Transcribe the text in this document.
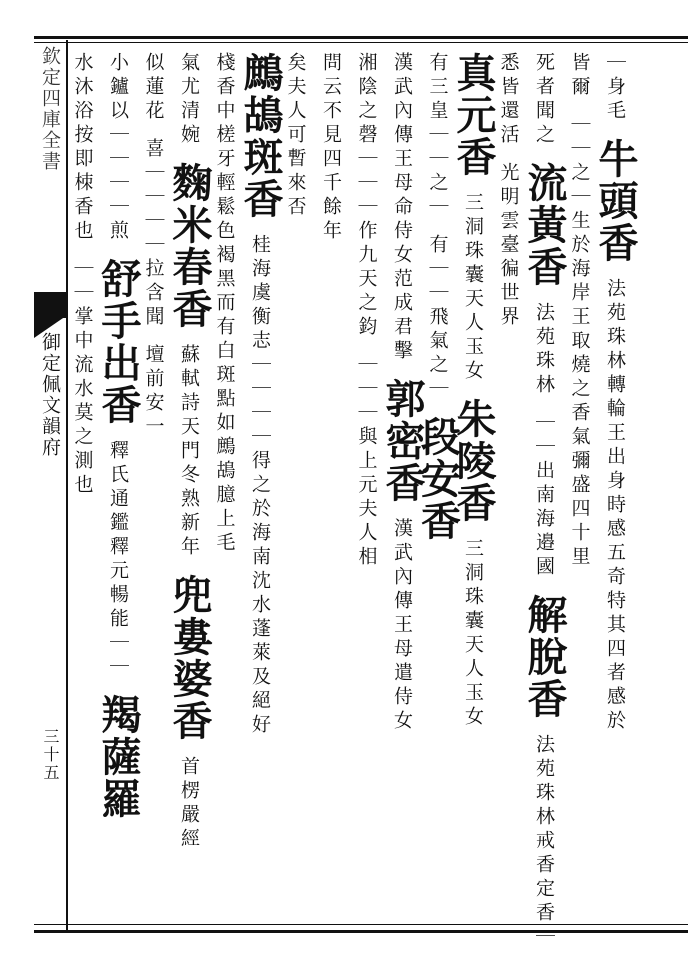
欽定四庫全書
御定佩文韻府
三十五
｜身毛牛頭香法苑珠林轉輪王出身時感五奇特其四者感於
皆爾｜｜之｜生於海岸王取燒之香氣彌盛四十里
死者聞之流黃香法苑珠林｜｜出南海邉國解脫香法苑珠林戒香定香｜
悉皆還活光明雲臺徧世界
真元香三洞珠囊天人玉女朱陵香三洞珠囊天人玉女
有三皇｜｜之｜有｜｜飛氣之｜段安香
漢武內傳王母命侍女范成君擊郭密香漢武內傳王母遣侍女
湘陰之磬｜｜｜作九天之鈞｜｜｜與上元夫人相
問云不見四千餘年
矣夫人可暫來否
鷓鴣斑香桂海虞衡志｜｜｜｜得之於海南沈水蓬萊及絕好
棧香中槎牙輕鬆色褐黑而有白斑點如鷓鴣臆上毛
氣尤清婉麴米春香蘇軾詩天門冬熟新年兜婁婆香首楞嚴經
似蓮花喜｜｜｜｜拉含聞壇前安一
小鑪以｜｜｜｜煎舒手出香釋氏通鑑釋元暢能｜｜羯薩羅
水沐浴按即栜香也｜｜掌中流水莫之測也
